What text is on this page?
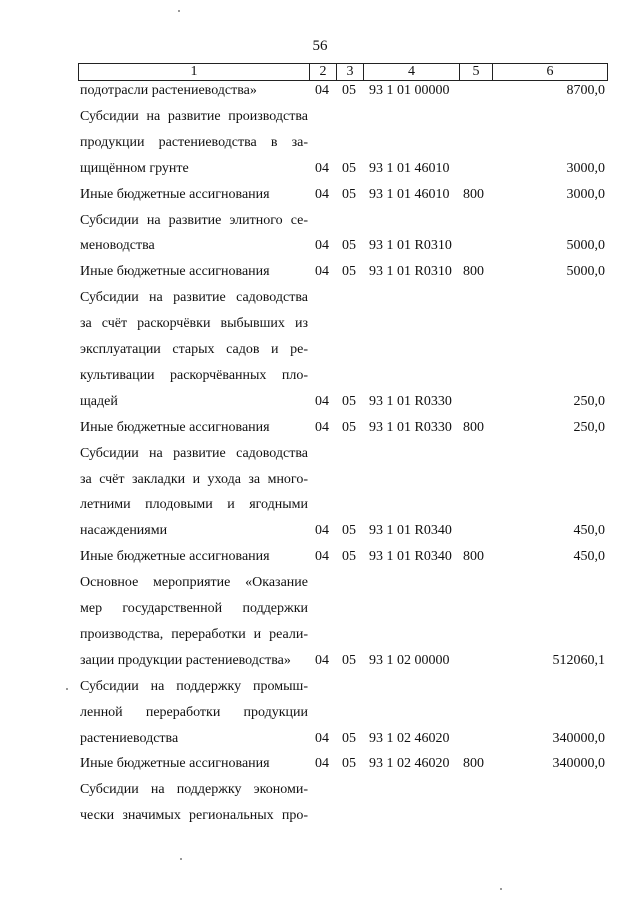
56
1	2	3	4	5	6
подотрасли растениеводства»	04 05 93 1 01 00000	8700,0
Субсидии на развитие производства
продукции растениеводства в за-
щищённом грунте	04 05 93 1 01 46010	3000,0
Иные бюджетные ассигнования	04 05 93 1 01 46010 800	3000,0
Субсидии на развитие элитного се-
меноводства	04 05 93 1 01 R0310	5000,0
Иные бюджетные ассигнования	04 05 93 1 01 R0310 800	5000,0
Субсидии на развитие садоводства
за счёт раскорчёвки выбывших из
эксплуатации старых садов и ре-
культивации раскорчёванных пло-
щадей	04 05 93 1 01 R0330	250,0
Иные бюджетные ассигнования	04 05 93 1 01 R0330 800	250,0
Субсидии на развитие садоводства
за счёт закладки и ухода за много-
летними плодовыми и ягодными
насаждениями	04 05 93 1 01 R0340	450,0
Иные бюджетные ассигнования	04 05 93 1 01 R0340 800	450,0
Основное мероприятие «Оказание
мер государственной поддержки
производства, переработки и реали-
зации продукции растениеводства»	04 05 93 1 02 00000	512060,1
Субсидии на поддержку промыш-
ленной переработки продукции
растениеводства	04 05 93 1 02 46020	340000,0
Иные бюджетные ассигнования	04 05 93 1 02 46020 800	340000,0
Субсидии на поддержку экономи-
чески значимых региональных про-
